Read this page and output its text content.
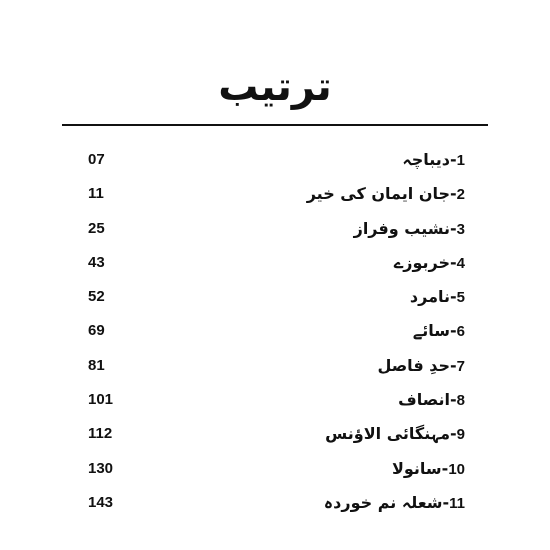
ترتیب
07	1-دیباچہ
11	2-جان ایمان کی خیر
25	3-نشیب وفراز
43	4-خربوزے
52	5-نامرد
69	6-سائے
81	7-حدِ فاصل
101	8-انصاف
112	9-مہنگائی الاؤنس
130	10-سانولا
143	11-شعلہ نم خوردہ
